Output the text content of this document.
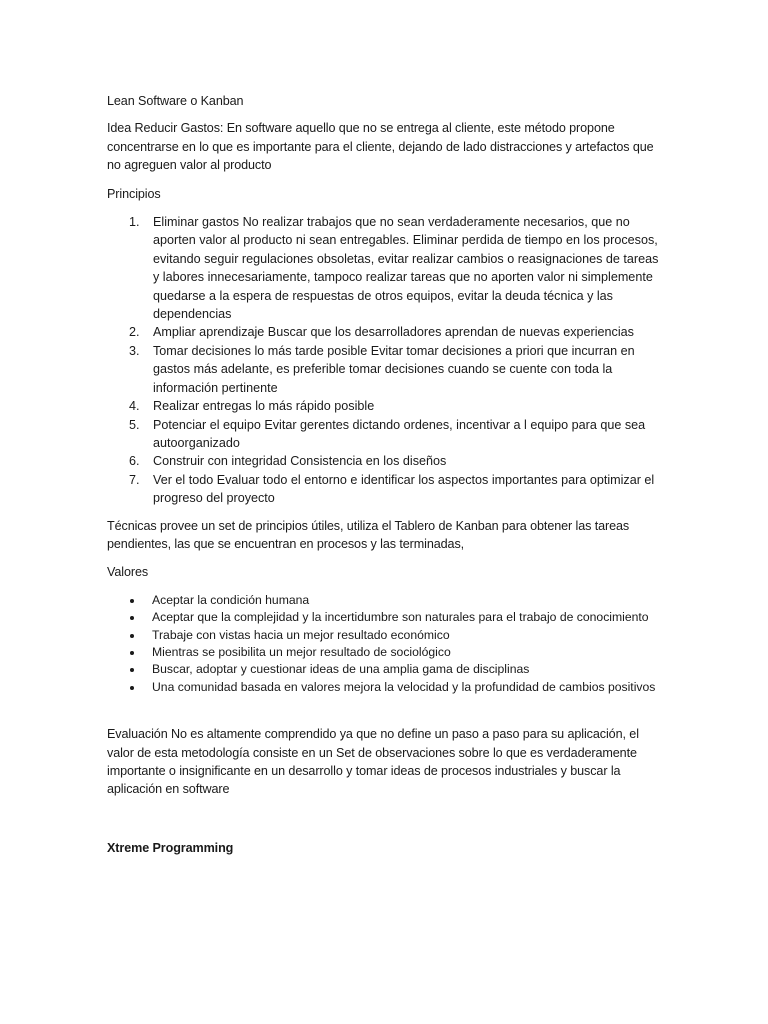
Lean Software o Kanban

Idea Reducir Gastos: En software aquello que no se entrega al cliente, este método propone concentrarse en lo que es importante para el cliente, dejando de lado distracciones y artefactos que no agreguen valor al producto

Principios

1. Eliminar gastos No realizar trabajos que no sean verdaderamente necesarios, que no aporten valor al producto ni sean entregables. Eliminar perdida de tiempo en los procesos, evitando seguir regulaciones obsoletas, evitar realizar cambios o reasignaciones de tareas y labores innecesariamente, tampoco realizar tareas que no aporten valor ni simplemente quedarse a la espera de respuestas de otros equipos, evitar la deuda técnica y las dependencias
2. Ampliar aprendizaje Buscar que los desarrolladores aprendan de nuevas experiencias
3. Tomar decisiones lo más tarde posible Evitar tomar decisiones a priori que incurran en gastos más adelante, es preferible tomar decisiones cuando se cuente con toda la información pertinente
4. Realizar entregas lo más rápido posible
5. Potenciar el equipo Evitar gerentes dictando ordenes, incentivar a l equipo para que sea autoorganizado
6. Construir con integridad Consistencia en los diseños
7. Ver el todo Evaluar todo el entorno e identificar los aspectos importantes para optimizar el progreso del proyecto

Técnicas provee un set de principios útiles, utiliza el Tablero de Kanban para obtener las tareas pendientes, las que se encuentran en procesos y las terminadas,

Valores

Aceptar la condición humana
Aceptar que la complejidad y la incertidumbre son naturales para el trabajo de conocimiento
Trabaje con vistas hacia un mejor resultado económico
Mientras se posibilita un mejor resultado de sociológico
Buscar, adoptar y cuestionar ideas de una amplia gama de disciplinas
Una comunidad basada en valores mejora la velocidad y la profundidad de cambios positivos

Evaluación No es altamente comprendido ya que no define un paso a paso para su aplicación, el valor de esta metodología consiste en un Set de observaciones sobre lo que es verdaderamente importante o insignificante en un desarrollo y tomar ideas de procesos industriales y buscar la aplicación en software

Xtreme Programming
